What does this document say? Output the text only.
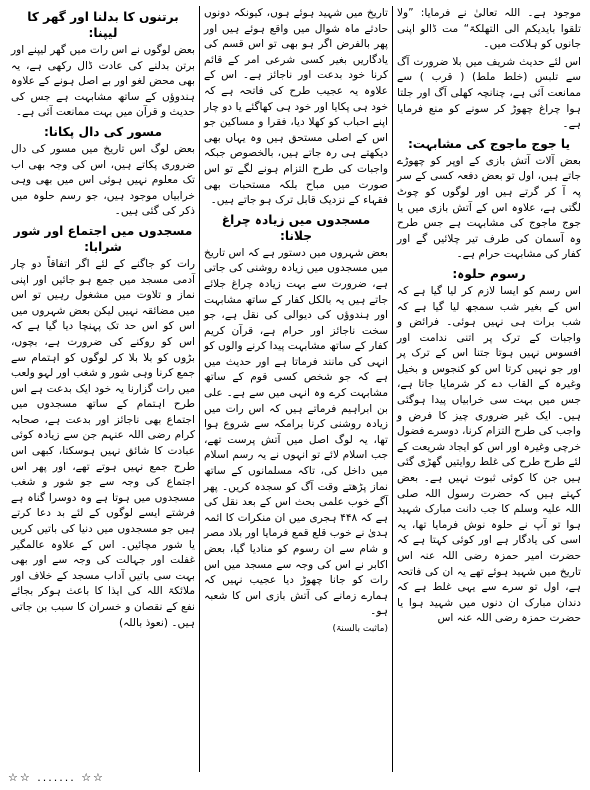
موجود ہے۔ اللہ تعالیٰ نے فرمایا: ”ولا تلقوا بایدیکم الی التھلکۃ“ مت ڈالو اپنی جانوں کو ہلاکت میں۔

اس لئے حدیث شریف میں بلا ضرورت آگ سے تلبس (خلط ملط) ( قرب ) سے ممانعت آئی ہے، چنانچہ کھلی آگ اور جلتا ہوا چراغ چھوڑ کر سونے کو منع فرمایا ہے۔

یا جوج ماجوج کی مشابہت:

بعض آلات آتش بازی کے اوپر کو چھوڑے جاتے ہیں، اول تو بعض دفعہ کسی کے سر پہ آ کر گرتے ہیں اور لوگوں کو چوٹ لگتی ہے، علاوہ اس کے آتش بازی میں یا جوج ماجوج کی مشابہت ہے جس طرح وہ آسمان کی طرف تیر چلائیں گے اور کفار کی مشابہت حرام ہے۔

رسوم حلوہ:

اس رسم کو ایسا لازم کر لیا گیا ہے کہ اس کے بغیر شب سمجھ لیا گیا ہے کہ شب برات ہی نہیں ہوئی۔ فرائض و واجبات کے ترک پر اتنی ندامت اور افسوس نہیں ہوتا جتنا اس کے ترک پر اور جو نہیں کرتا اس کو کنجوس و بخیل وغیرہ کے القاب دے کر شرمایا جاتا ہے، جس میں بہت سی خرابیاں پیدا ہوگئی ہیں۔ ایک غیر ضروری چیز کا فرض و واجب کی طرح التزام کرنا، دوسرے فضول خرچی وغیرہ اور اس کو ایجاد شریعت کے لئے طرح طرح کی غلط روایتیں گھڑی گئی ہیں جن کا کوئی ثبوت نہیں ہے۔ بعض کہتے ہیں کہ حضرت رسول اللہ صلی اللہ علیہ وسلم کا جب دانت مبارک شہید ہوا تو آپ نے حلوہ نوش فرمایا تھا، یہ اسی کی یادگار ہے اور کوئی کہتا ہے کہ حضرت امیر حمزہ رضی اللہ عنہ اس تاریخ میں شہید ہوئے تھے یہ ان کی فاتحہ ہے، اول تو سرے سے یہی غلط ہے کہ دندان مبارک ان دنوں میں شہید ہوا یا حضرت حمزہ رضی اللہ عنہ اس

تاریخ میں شہید ہوئے ہوں، کیونکہ دونوں حادثے ماہ شوال میں واقع ہوئے ہیں اور پھر بالفرض اگر ہو بھی تو اس قسم کی یادگاریں بغیر کسی شرعی امر کے قائم کرنا خود بدعت اور ناجائز ہے۔ اس کے علاوہ یہ عجیب طرح کی فاتحہ ہے کہ خود ہی پکایا اور خود ہی کھاگئے یا دو چار اپنے احباب کو کھلا دیا، فقرا و مساکین جو اس کے اصلی مستحق ہیں وہ یہاں بھی دیکھتے ہی رہ جاتے ہیں، بالخصوص جبکہ واجبات کی طرح التزام ہونے لگے تو اس صورت میں مباح بلکہ مستحبات بھی فقہاء کے نزدیک قابل ترک ہو جاتے ہیں۔

مسجدوں میں زیادہ چراغ جلانا:

بعض شہروں میں دستور ہے کہ اس تاریخ میں مسجدوں میں زیادہ روشنی کی جاتی ہے، ضرورت سے بہت زیادہ چراغ جلائے جاتے ہیں یہ بالکل کفار کے ساتھ مشابہت اور ہندوؤں کی دیوالی کی نقل ہے، جو سخت ناجائز اور حرام ہے، قرآن کریم کفار کے ساتھ مشابہت پیدا کرنے والوں کو انہی کی مانند فرماتا ہے اور حدیث میں ہے کہ جو شخص کسی قوم کے ساتھ مشابہت کرے وہ انہی میں سے ہے۔ علی بن ابراہیم فرماتے ہیں کہ اس رات میں زیادہ روشنی کرنا برامکہ سے شروع ہوا تھا، یہ لوگ اصل میں آتش پرست تھے، جب اسلام لائے تو انہوں نے یہ رسم اسلام میں داخل کی، تاکہ مسلمانوں کے ساتھ نماز پڑھتے وقت آگ کو سجدہ کریں۔ پھر آگے خوب علمی بحث اس کے بعد نقل کی ہے کہ ۴۴۸ ہجری میں ان منکرات کا ائمہ ہدیٰ نے خوب قلع قمع فرمایا اور بلاد مصر و شام سے ان رسوم کو منادیا گیا، بعض اکابر نے اس کی وجہ سے مسجد میں اس رات کو جانا چھوڑ دیا عجیب نہیں کہ ہمارے زمانے کی آتش بازی اس کا شعبہ ہو۔

(ماثبت بالسنۃ)

برتنوں کا بدلنا اور گھر کا لیپنا:

بعض لوگوں نے اس رات میں گھر لیپنے اور برتن بدلنے کی عادت ڈال رکھی ہے، یہ بھی محض لغو اور بے اصل ہونے کے علاوہ ہندوؤں کے ساتھ مشابہت ہے جس کی حدیث و قرآن میں بہت ممانعت آئی ہے۔

مسور کی دال پکانا:

بعض لوگ اس تاریخ میں مسور کی دال ضروری پکاتے ہیں، اس کی وجہ بھی اب تک معلوم نہیں ہوئی اس میں بھی وہی خرابیاں موجود ہیں، جو رسم حلوہ میں ذکر کی گئی ہیں۔

مسجدوں میں اجتماع اور شور شرابا:

رات کو جاگنے کے لئے اگر اتفاقاً دو چار آدمی مسجد میں جمع ہو جائیں اور اپنی نماز و تلاوت میں مشغول رہیں تو اس میں مضائقہ نہیں لیکن بعض شہروں میں اس کو اس حد تک پہنچا دیا گیا ہے کہ اس کو روکنے کی ضرورت ہے، بچوں، بڑوں کو بلا بلا کر لوگوں کو اہتمام سے جمع کرنا وہی شور و شغب اور لہو ولعب میں رات گزارنا یہ خود ایک بدعت ہے اس طرح اہتمام کے ساتھ مسجدوں میں اجتماع بھی ناجائز اور بدعت ہے، صحابہ کرام رضی اللہ عنہم جن سے زیادہ کوئی عبادت کا شائق نہیں ہوسکتا، کبھی اس طرح جمع نہیں ہوتے تھے، اور پھر اس اجتماع کی وجہ سے جو شور و شغب مسجدوں میں ہوتا ہے وہ دوسرا گناہ ہے فرشتے ایسے لوگوں کے لئے بد دعا کرتے ہیں جو مسجدوں میں دنیا کی باتیں کریں یا شور مچائیں۔ اس کے علاوہ عالمگیر غفلت اور جہالت کی وجہ سے اور بھی بہت سی باتیں آداب مسجد کے خلاف اور ملائکۃ اللہ کی ایذا کا باعث ہوکر بجائے نفع کے نقصان و خسران کا سبب بن جاتی ہیں۔ (نعوذ باللہ)

☆☆ ....... ☆☆
